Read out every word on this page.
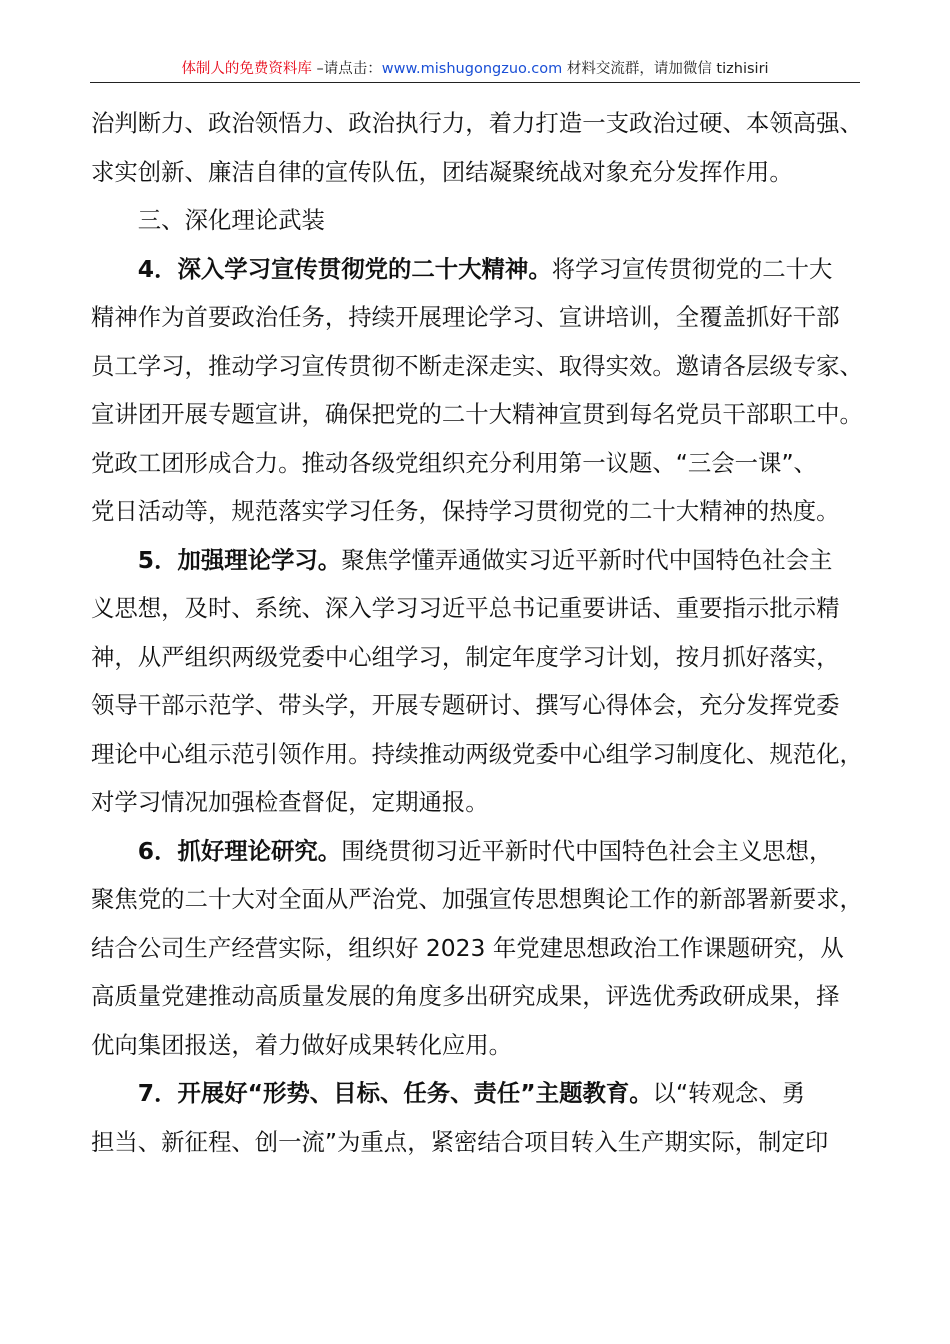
体制人的免费资料库 –请点击：www.mishugongzuo.com 材料交流群，请加微信 tizhisiri

治判断力、政治领悟力、政治执行力，着力打造一支政治过硬、本领高强、
求实创新、廉洁自律的宣传队伍，团结凝聚统战对象充分发挥作用。

三、深化理论武装

4．深入学习宣传贯彻党的二十大精神。将学习宣传贯彻党的二十大
精神作为首要政治任务，持续开展理论学习、宣讲培训，全覆盖抓好干部
员工学习，推动学习宣传贯彻不断走深走实、取得实效。邀请各层级专家、
宣讲团开展专题宣讲，确保把党的二十大精神宣贯到每名党员干部职工中。
党政工团形成合力。推动各级党组织充分利用第一议题、“三会一课”、
党日活动等，规范落实学习任务，保持学习贯彻党的二十大精神的热度。

5．加强理论学习。聚焦学懂弄通做实习近平新时代中国特色社会主
义思想，及时、系统、深入学习习近平总书记重要讲话、重要指示批示精
神，从严组织两级党委中心组学习，制定年度学习计划，按月抓好落实，
领导干部示范学、带头学，开展专题研讨、撰写心得体会，充分发挥党委
理论中心组示范引领作用。持续推动两级党委中心组学习制度化、规范化，
对学习情况加强检查督促，定期通报。

6．抓好理论研究。围绕贯彻习近平新时代中国特色社会主义思想，
聚焦党的二十大对全面从严治党、加强宣传思想舆论工作的新部署新要求，
结合公司生产经营实际，组织好 2023 年党建思想政治工作课题研究，从
高质量党建推动高质量发展的角度多出研究成果，评选优秀政研成果，择
优向集团报送，着力做好成果转化应用。

7．开展好“形势、目标、任务、责任”主题教育。以“转观念、勇
担当、新征程、创一流”为重点，紧密结合项目转入生产期实际，制定印
